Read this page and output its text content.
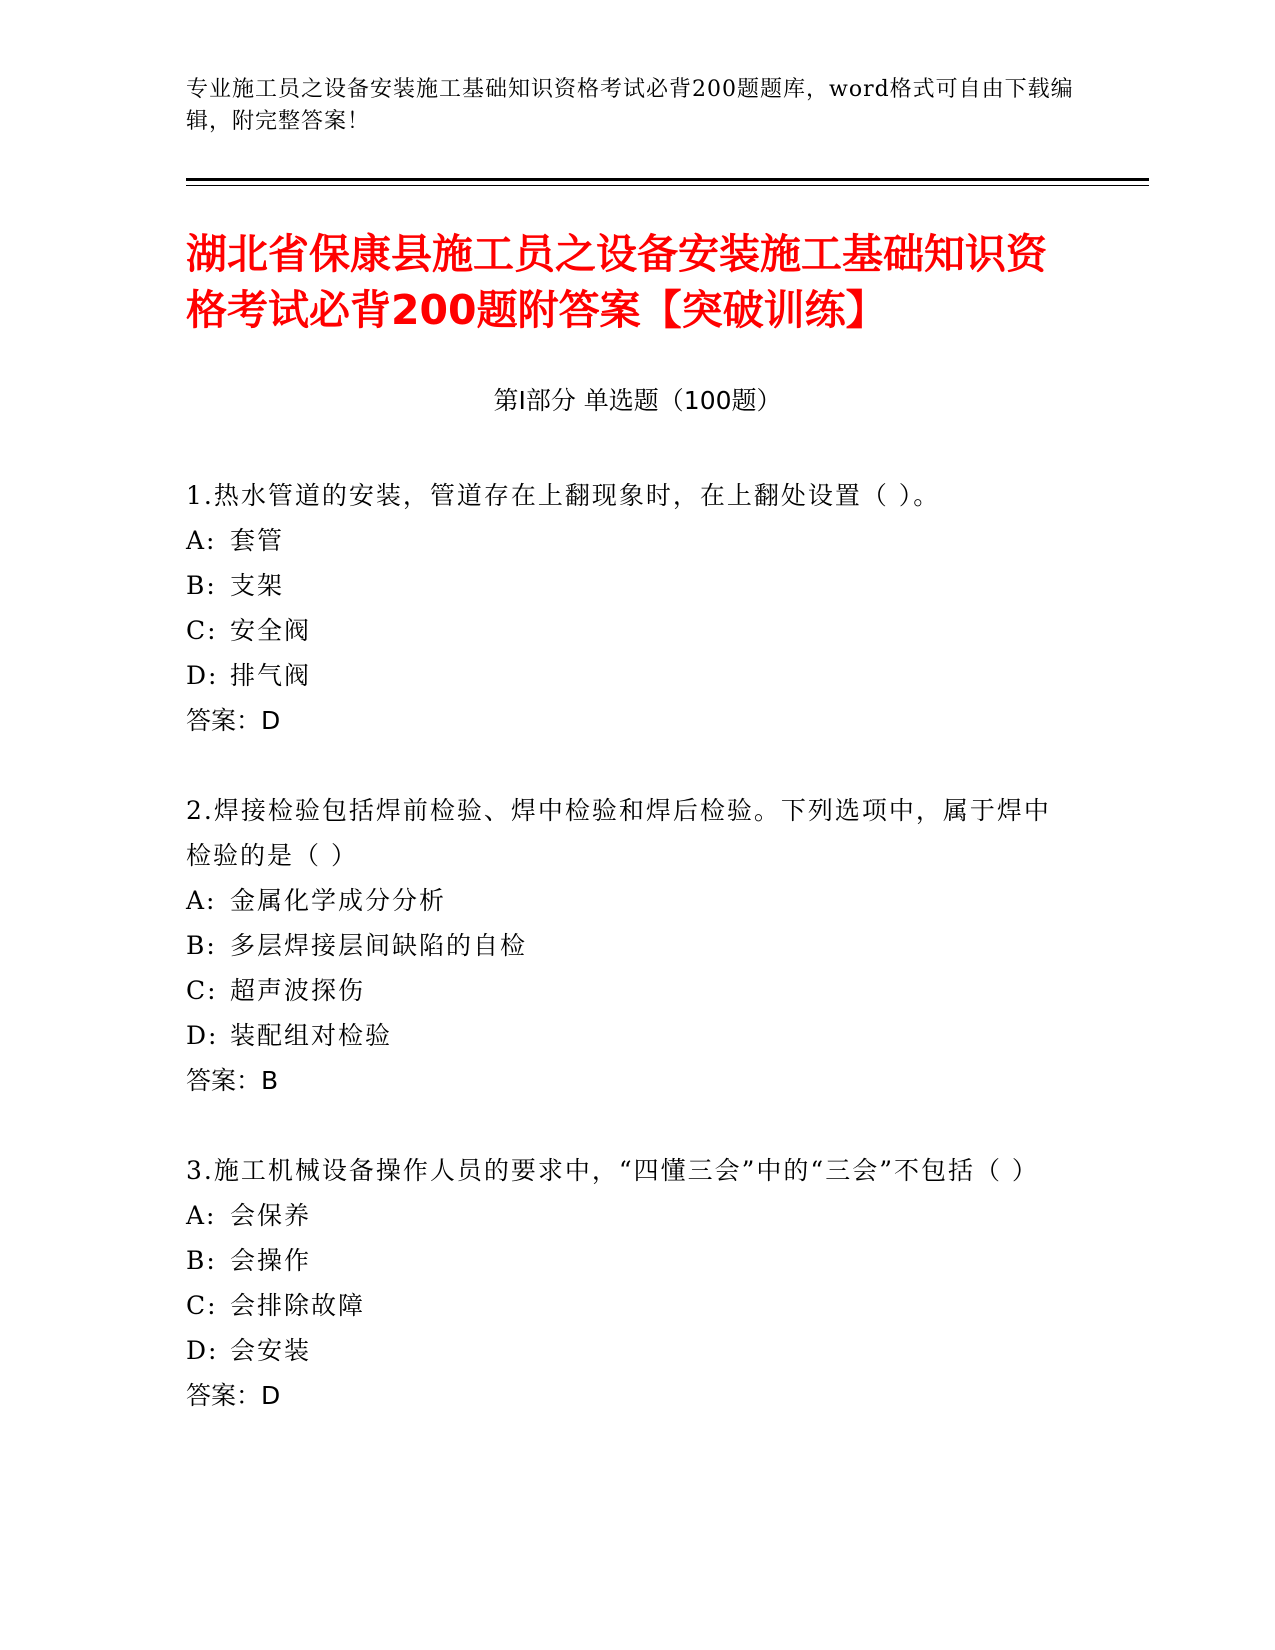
专业施工员之设备安装施工基础知识资格考试必背200题题库，word格式可自由下载编辑，附完整答案！
湖北省保康县施工员之设备安装施工基础知识资格考试必背200题附答案【突破训练】
第Ⅰ部分 单选题（100题）
1.热水管道的安装，管道存在上翻现象时，在上翻处设置（ ）。
A: 套管
B: 支架
C: 安全阀
D: 排气阀
答案：D
2.焊接检验包括焊前检验、焊中检验和焊后检验。下列选项中，属于焊中检验的是（ ）
A: 金属化学成分分析
B: 多层焊接层间缺陷的自检
C: 超声波探伤
D: 装配组对检验
答案：B
3.施工机械设备操作人员的要求中，“四懂三会”中的“三会”不包括（ ）
A: 会保养
B: 会操作
C: 会排除故障
D: 会安装
答案：D
